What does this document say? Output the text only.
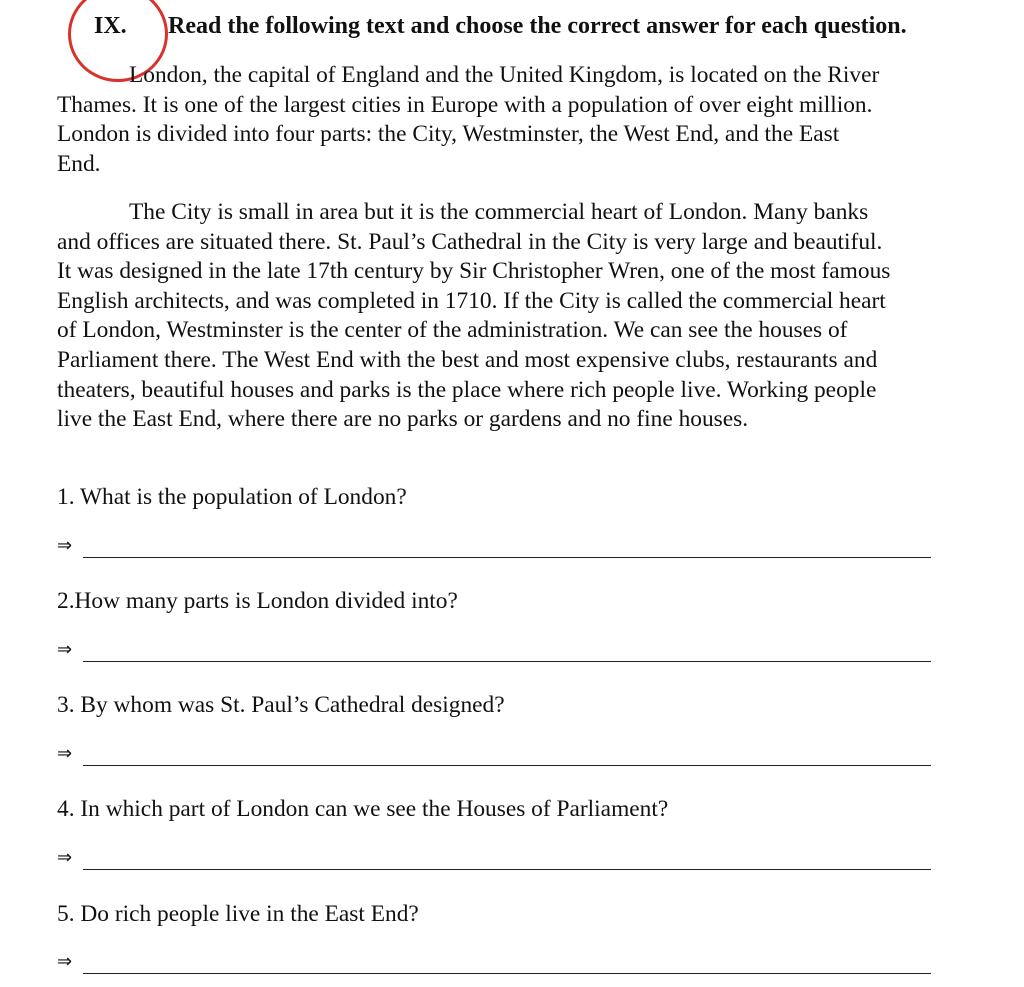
IX. Read the following text and choose the correct answer for each question.

London, the capital of England and the United Kingdom, is located on the River
Thames. It is one of the largest cities in Europe with a population of over eight million.
London is divided into four parts: the City, Westminster, the West End, and the East
End.

The City is small in area but it is the commercial heart of London. Many banks
and offices are situated there. St. Paul’s Cathedral in the City is very large and beautiful.
It was designed in the late 17th century by Sir Christopher Wren, one of the most famous
English architects, and was completed in 1710. If the City is called the commercial heart
of London, Westminster is the center of the administration. We can see the houses of
Parliament there. The West End with the best and most expensive clubs, restaurants and
theaters, beautiful houses and parks is the place where rich people live. Working people
live the East End, where there are no parks or gardens and no fine houses.

1. What is the population of London?
⇒
2.How many parts is London divided into?
⇒
3. By whom was St. Paul’s Cathedral designed?
⇒
4. In which part of London can we see the Houses of Parliament?
⇒
5. Do rich people live in the East End?
⇒
